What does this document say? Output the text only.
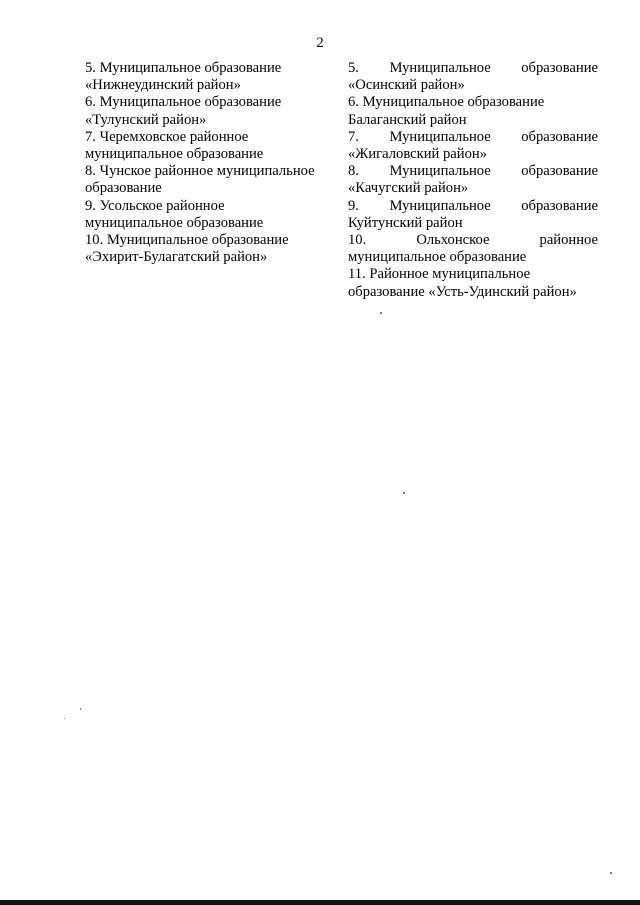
2
5. Муниципальное образование
«Нижнеудинский район»
6. Муниципальное образование
«Тулунский район»
7. Черемховское районное
муниципальное образование
8. Чунское районное муниципальное
образование
9. Усольское районное
муниципальное образование
10. Муниципальное образование
«Эхирит-Булагатский район»
5. Муниципальное образование
«Осинский район»
6. Муниципальное образование
Балаганский район
7. Муниципальное образование
«Жигаловский район»
8. Муниципальное образование
«Качугский район»
9. Муниципальное образование
Куйтунский район
10.	Ольхонское	районное
муниципальное образование
11. Районное муниципальное
образование «Усть-Удинский район»
